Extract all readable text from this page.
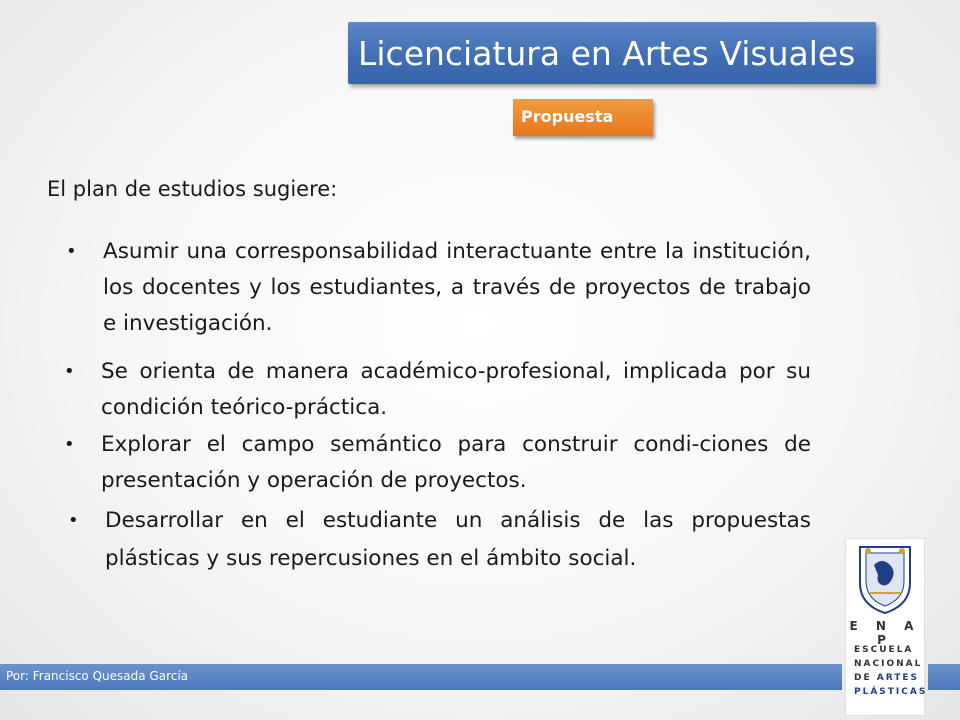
Licenciatura en Artes Visuales
Propuesta
El plan de estudios sugiere:
• Asumir una corresponsabilidad interactuante entre la institución, los docentes y los estudiantes, a través de proyectos de trabajo e investigación.
• Se orienta de manera académico-profesional, implicada por su condición teórico-práctica.
• Explorar el campo semántico para construir condi-ciones de presentación y operación de proyectos.
• Desarrollar en el estudiante un análisis de las propuestas plásticas y sus repercusiones en el ámbito social.
E N A P
ESCUELA
NACIONAL
DE ARTES
PLÁSTICAS
Por: Francisco Quesada García
